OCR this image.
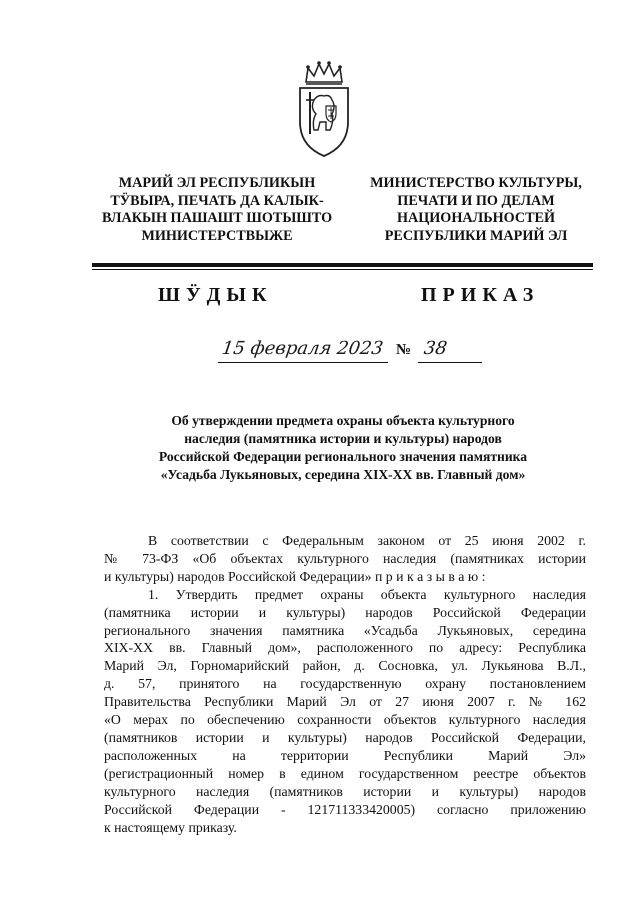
МАРИЙ ЭЛ РЕСПУБЛИКЫН
ТӰВЫРА, ПЕЧАТЬ ДА КАЛЫК-
ВЛАКЫН ПАШАШТ ШОТЫШТО
МИНИСТЕРСТВЫЖЕ
МИНИСТЕРСТВО КУЛЬТУРЫ,
ПЕЧАТИ И ПО ДЕЛАМ
НАЦИОНАЛЬНОСТЕЙ
РЕСПУБЛИКИ МАРИЙ ЭЛ
ШӰДЫК	ПРИКАЗ
15 февраля 2023 № 38
Об утверждении предмета охраны объекта культурного
наследия (памятника истории и культуры) народов
Российской Федерации регионального значения памятника
«Усадьба Лукьяновых, середина XIX-XX вв. Главный дом»
В соответствии с Федеральным законом от 25 июня 2002 г.
№ 73-ФЗ «Об объектах культурного наследия (памятниках истории
и культуры) народов Российской Федерации» п р и к а з ы в а ю :
1. Утвердить предмет охраны объекта культурного наследия
(памятника истории и культуры) народов Российской Федерации
регионального значения памятника «Усадьба Лукьяновых, середина
XIX-XX вв. Главный дом», расположенного по адресу: Республика
Марий Эл, Горномарийский район, д. Сосновка, ул. Лукьянова В.Л.,
д. 57, принятого на государственную охрану постановлением
Правительства Республики Марий Эл от 27 июня 2007 г. № 162
«О мерах по обеспечению сохранности объектов культурного наследия
(памятников истории и культуры) народов Российской Федерации,
расположенных на территории Республики Марий Эл»
(регистрационный номер в едином государственном реестре объектов
культурного наследия (памятников истории и культуры) народов
Российской Федерации - 121711333420005) согласно приложению
к настоящему приказу.
